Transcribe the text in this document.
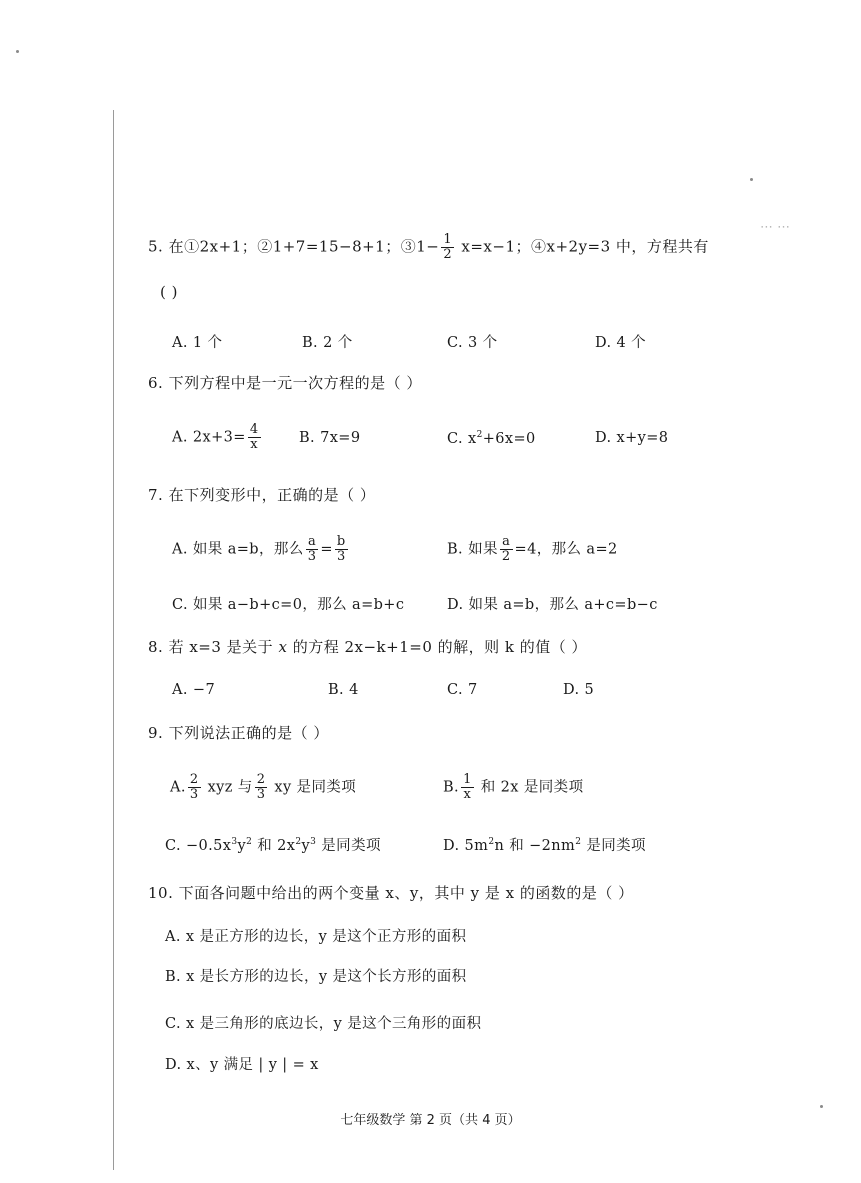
⋯ ⋯
5. 在①2x+1；②1+7=15−8+1；③1− $\frac{1}{2} x=x-1$；④x+2y=3 中，方程共有
( )
A. 1 个	B. 2 个	C. 3 个	D. 4 个
6. 下列方程中是一元一次方程的是（ ）
A. $2x+3= \frac{4}{x}$	B. 7x=9	C. $x^2+6x=0$	D. x+y=8
7. 在下列变形中，正确的是（ ）
A. 如果 a=b，那么 $\frac{a}{3} = \frac{b}{3}$	B. 如果 $\frac{a}{2} =4$，那么 a=2
C. 如果 a−b+c=0，那么 a=b+c	D. 如果 a=b，那么 a+c=b−c
8. 若 x=3 是关于 x 的方程 2x−k+1=0 的解，则 k 的值（ ）
A. −7	B. 4	C. 7	D. 5
9. 下列说法正确的是（ ）
A. $\frac{2}{3}$ xyz 与 $\frac{2}{3}$ xy 是同类项	B. $\frac{1}{x}$ 和 2x 是同类项
C. $-0.5x^3y^2$ 和 $2x^2y^3$ 是同类项	D. $5m^2n$ 和 $-2nm^2$ 是同类项
10. 下面各问题中给出的两个变量 x、y，其中 y 是 x 的函数的是（ ）
A. x 是正方形的边长，y 是这个正方形的面积
B. x 是长方形的边长，y 是这个长方形的面积
C. x 是三角形的底边长，y 是这个三角形的面积
D. x、y 满足 | y | = x
七年级数学 第 2 页（共 4 页）
